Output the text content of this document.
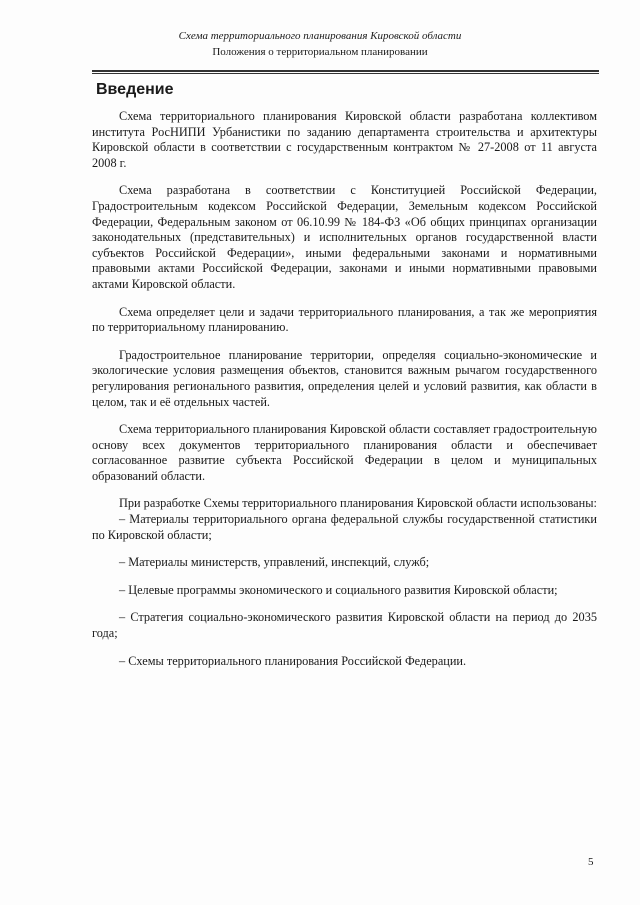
Схема территориального планирования Кировской области

Положения о территориальном планировании

Введение

Схема территориального планирования Кировской области разработана коллективом института РосНИПИ Урбанистики по заданию департамента строительства и архитектуры Кировской области в соответствии с государственным контрактом № 27-2008 от 11 августа 2008 г.

Схема разработана в соответствии с Конституцией Российской Федерации, Градостроительным кодексом Российской Федерации, Земельным кодексом Российской Федерации, Федеральным законом от 06.10.99 № 184-ФЗ «Об общих принципах организации законодательных (представительных) и исполнительных органов государственной власти субъектов Российской Федерации», иными федеральными законами и нормативными правовыми актами Российской Федерации, законами и иными нормативными правовыми актами Кировской области.

Схема определяет цели и задачи территориального планирования, а так же мероприятия по территориальному планированию.

Градостроительное планирование территории, определяя социально-экономические и экологические условия размещения объектов, становится важным рычагом государственного регулирования регионального развития, определения целей и условий развития, как области в целом, так и её отдельных частей.

Схема территориального планирования Кировской области составляет градостроительную основу всех документов территориального планирования области и обеспечивает согласованное развитие субъекта Российской Федерации в целом и муниципальных образований области.

При разработке Схемы территориального планирования Кировской области использованы:

– Материалы территориального органа федеральной службы государственной статистики по Кировской области;

– Материалы министерств, управлений, инспекций, служб;

– Целевые программы экономического и социального развития Кировской области;

– Стратегия социально-экономического развития Кировской области на период до 2035 года;

– Схемы территориального планирования Российской Федерации.

5
